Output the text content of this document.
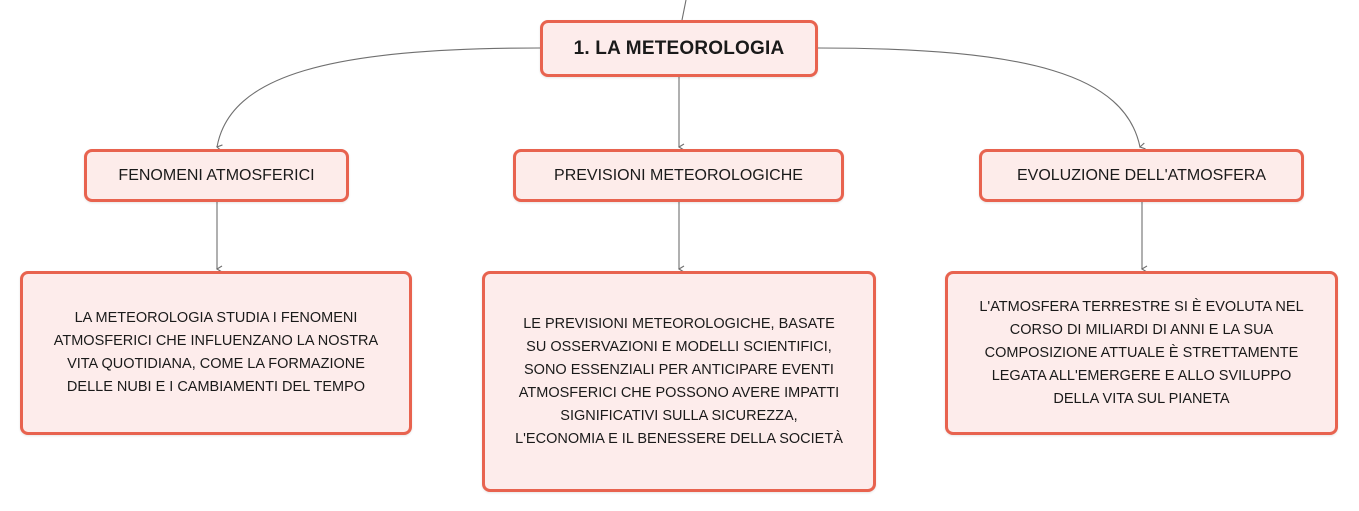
1. LA METEOROLOGIA
FENOMENI ATMOSFERICI	PREVISIONI METEOROLOGICHE	EVOLUZIONE DELL'ATMOSFERA
LA METEOROLOGIA STUDIA I FENOMENI
ATMOSFERICI CHE INFLUENZANO LA NOSTRA
VITA QUOTIDIANA, COME LA FORMAZIONE
DELLE NUBI E I CAMBIAMENTI DEL TEMPO
LE PREVISIONI METEOROLOGICHE, BASATE
SU OSSERVAZIONI E MODELLI SCIENTIFICI,
SONO ESSENZIALI PER ANTICIPARE EVENTI
ATMOSFERICI CHE POSSONO AVERE IMPATTI
SIGNIFICATIVI SULLA SICUREZZA,
L'ECONOMIA E IL BENESSERE DELLA SOCIETÀ
L'ATMOSFERA TERRESTRE SI È EVOLUTA NEL
CORSO DI MILIARDI DI ANNI E LA SUA
COMPOSIZIONE ATTUALE È STRETTAMENTE
LEGATA ALL'EMERGERE E ALLO SVILUPPO
DELLA VITA SUL PIANETA
